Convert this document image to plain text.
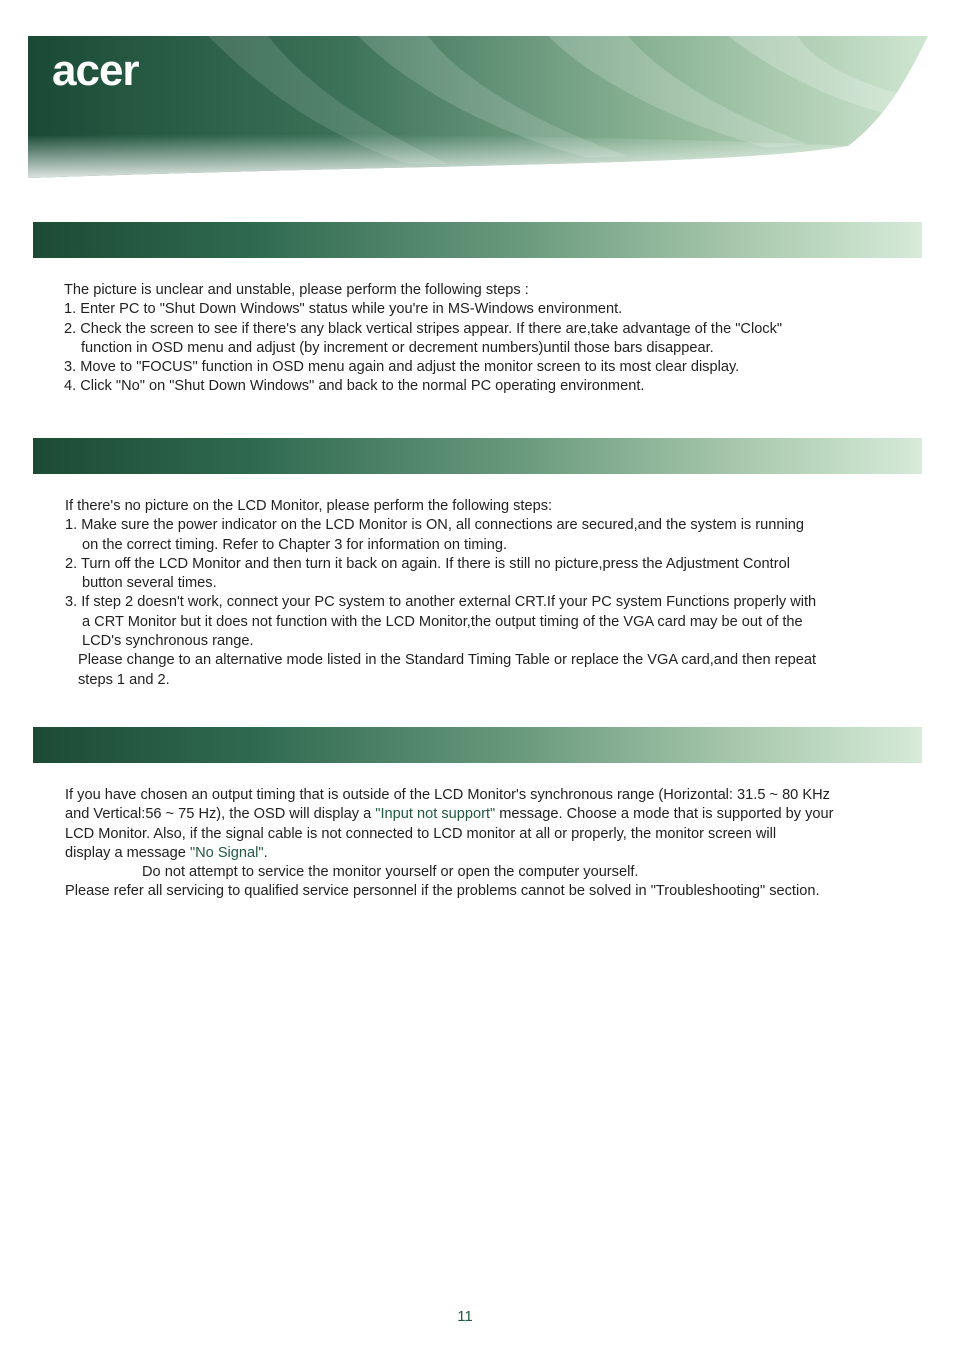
acer

The picture is unclear and unstable, please perform the following steps :

1. Enter PC to "Shut Down Windows" status while you're in MS-Windows environment.

2. Check the screen to see if there's any black vertical stripes appear. If there are,take advantage of the "Clock"

function in OSD menu and adjust (by increment or decrement numbers)until those bars disappear.

3. Move to "FOCUS" function in OSD menu again and adjust the monitor screen to its most clear display.

4. Click "No" on "Shut Down Windows" and back to the normal PC operating environment.

If there's no picture on the LCD Monitor, please perform the following steps:

1. Make sure the power indicator on the LCD Monitor is ON, all connections are secured,and the system is running

on the correct timing. Refer to Chapter 3 for information on timing.

2. Turn off the LCD Monitor and then turn it back on again. If there is still no picture,press the Adjustment Control

button several times.

3. If step 2 doesn't work, connect your PC system to another external CRT.If your PC system Functions properly with

a CRT Monitor but it does not function with the LCD Monitor,the output timing of the VGA card may be out of the

LCD's synchronous range.

Please change to an alternative mode listed in the Standard Timing Table or replace the VGA card,and then repeat

steps 1 and 2.

If you have chosen an output timing that is outside of the LCD Monitor's synchronous range (Horizontal: 31.5 ~ 80 KHz

and Vertical:56 ~ 75 Hz), the OSD will display a "Input not support" message. Choose a mode that is supported by your

LCD Monitor. Also, if the signal cable is not connected to LCD monitor at all or properly, the monitor screen will

display a message "No Signal".

Do not attempt to service the monitor yourself or open the computer yourself.

Please refer all servicing to qualified service personnel if the problems cannot be solved in "Troubleshooting" section.

11
